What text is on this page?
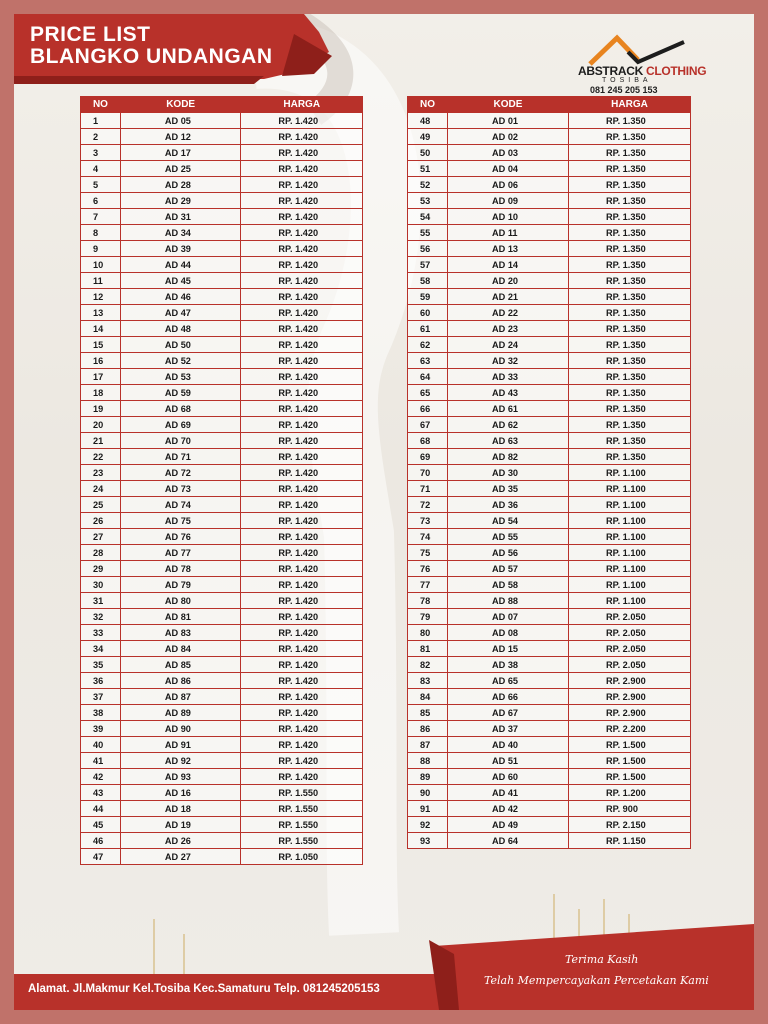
PRICE LIST
BLANGKO UNDANGAN
ABSTRACK CLOTHING
TOSIBA
081 245 205 153
NO	KODE	HARGA
1	AD 05	RP. 1.420
2	AD 12	RP. 1.420
3	AD 17	RP. 1.420
4	AD 25	RP. 1.420
5	AD 28	RP. 1.420
6	AD 29	RP. 1.420
7	AD 31	RP. 1.420
8	AD 34	RP. 1.420
9	AD 39	RP. 1.420
10	AD 44	RP. 1.420
11	AD 45	RP. 1.420
12	AD 46	RP. 1.420
13	AD 47	RP. 1.420
14	AD 48	RP. 1.420
15	AD 50	RP. 1.420
16	AD 52	RP. 1.420
17	AD 53	RP. 1.420
18	AD 59	RP. 1.420
19	AD 68	RP. 1.420
20	AD 69	RP. 1.420
21	AD 70	RP. 1.420
22	AD 71	RP. 1.420
23	AD 72	RP. 1.420
24	AD 73	RP. 1.420
25	AD 74	RP. 1.420
26	AD 75	RP. 1.420
27	AD 76	RP. 1.420
28	AD 77	RP. 1.420
29	AD 78	RP. 1.420
30	AD 79	RP. 1.420
31	AD 80	RP. 1.420
32	AD 81	RP. 1.420
33	AD 83	RP. 1.420
34	AD 84	RP. 1.420
35	AD 85	RP. 1.420
36	AD 86	RP. 1.420
37	AD 87	RP. 1.420
38	AD 89	RP. 1.420
39	AD 90	RP. 1.420
40	AD 91	RP. 1.420
41	AD 92	RP. 1.420
42	AD 93	RP. 1.420
43	AD 16	RP. 1.550
44	AD 18	RP. 1.550
45	AD 19	RP. 1.550
46	AD 26	RP. 1.550
47	AD 27	RP. 1.050
NO	KODE	HARGA
48	AD 01	RP. 1.350
49	AD 02	RP. 1.350
50	AD 03	RP. 1.350
51	AD 04	RP. 1.350
52	AD 06	RP. 1.350
53	AD 09	RP. 1.350
54	AD 10	RP. 1.350
55	AD 11	RP. 1.350
56	AD 13	RP. 1.350
57	AD 14	RP. 1.350
58	AD 20	RP. 1.350
59	AD 21	RP. 1.350
60	AD 22	RP. 1.350
61	AD 23	RP. 1.350
62	AD 24	RP. 1.350
63	AD 32	RP. 1.350
64	AD 33	RP. 1.350
65	AD 43	RP. 1.350
66	AD 61	RP. 1.350
67	AD 62	RP. 1.350
68	AD 63	RP. 1.350
69	AD 82	RP. 1.350
70	AD 30	RP. 1.100
71	AD 35	RP. 1.100
72	AD 36	RP. 1.100
73	AD 54	RP. 1.100
74	AD 55	RP. 1.100
75	AD 56	RP. 1.100
76	AD 57	RP. 1.100
77	AD 58	RP. 1.100
78	AD 88	RP. 1.100
79	AD 07	RP. 2.050
80	AD 08	RP. 2.050
81	AD 15	RP. 2.050
82	AD 38	RP. 2.050
83	AD 65	RP. 2.900
84	AD 66	RP. 2.900
85	AD 67	RP. 2.900
86	AD 37	RP. 2.200
87	AD 40	RP. 1.500
88	AD 51	RP. 1.500
89	AD 60	RP. 1.500
90	AD 41	RP. 1.200
91	AD 42	RP. 900
92	AD 49	RP. 2.150
93	AD 64	RP. 1.150
Alamat. Jl.Makmur Kel.Tosiba Kec.Samaturu Telp. 081245205153
Terima Kasih
Telah Mempercayakan Percetakan Kami
